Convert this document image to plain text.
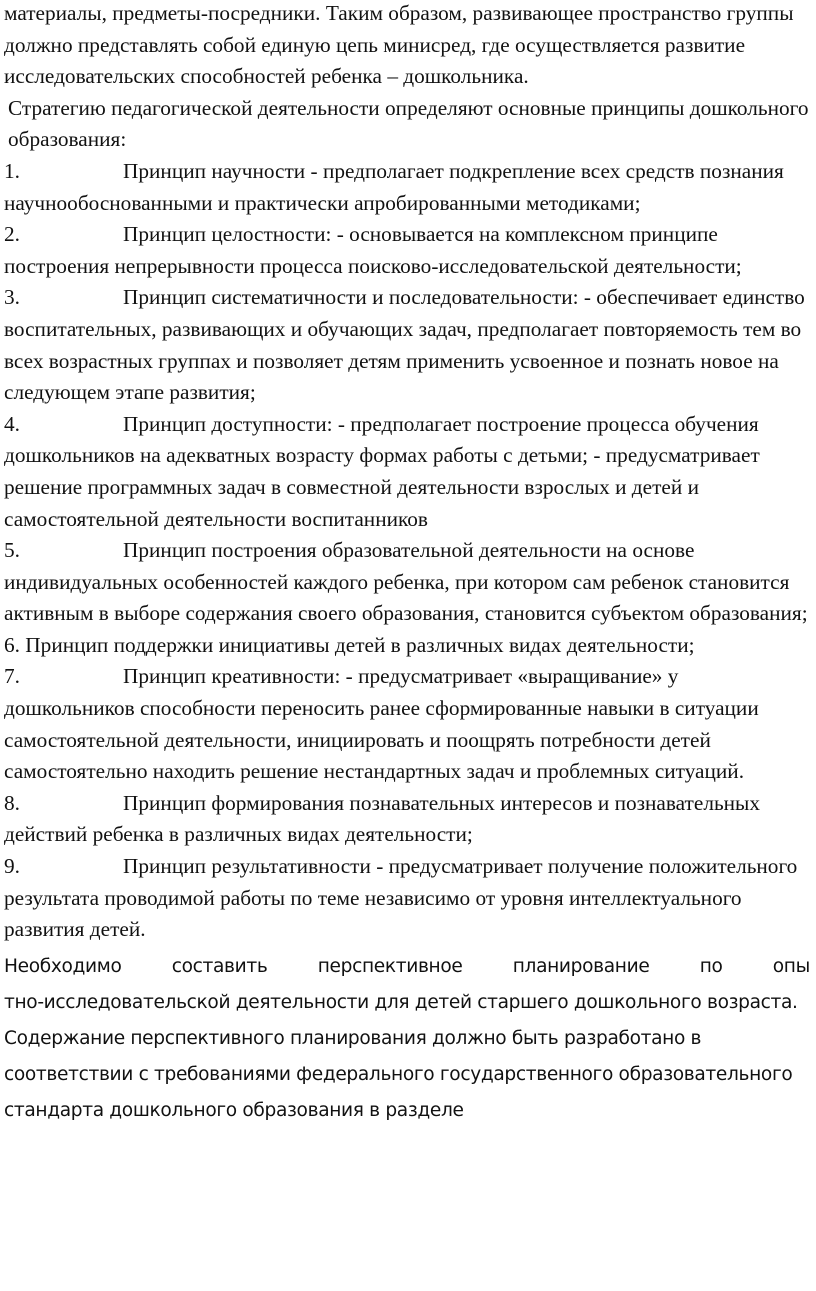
материалы, предметы-посредники. Таким образом, развивающее пространство группы должно представлять собой единую цепь минисред, где осуществляется развитие исследовательских способностей ребенка – дошкольника.

Стратегию педагогической деятельности определяют основные принципы дошкольного образования:

1.	Принцип научности - предполагает подкрепление всех средств познания научнообоснованными и практически апробированными методиками;

2.	Принцип целостности: - основывается на комплексном принципе построения непрерывности процесса поисково-исследовательской деятельности;

3.	Принцип систематичности и последовательности: - обеспечивает единство воспитательных, развивающих и обучающих задач, предполагает повторяемость тем во всех возрастных группах и позволяет детям применить усвоенное и познать новое на следующем этапе развития;

4.	Принцип доступности: - предполагает построение процесса обучения дошкольников на адекватных возрасту формах работы с детьми; - предусматривает решение программных задач в совместной деятельности взрослых и детей и самостоятельной деятельности воспитанников

5.	Принцип построения образовательной деятельности на основе индивидуальных особенностей каждого ребенка, при котором сам ребенок становится активным в выборе содержания своего образования, становится субъектом образования; 6. Принцип поддержки инициативы детей в различных видах деятельности;

7.	Принцип креативности: - предусматривает «выращивание» у дошкольников способности переносить ранее сформированные навыки в ситуации самостоятельной деятельности, инициировать и поощрять потребности детей самостоятельно находить решение нестандартных задач и проблемных ситуаций.

8.	Принцип формирования познавательных интересов и познавательных действий ребенка в различных видах деятельности;

9.	Принцип результативности - предусматривает получение положительного результата проводимой работы по теме независимо от уровня интеллектуального развития детей.

Необходимо	составить	перспективное	планирование	по	опы

тно-исследовательской деятельности для детей старшего дошкольного возраста. Содержание перспективного планирования должно быть разработано в соответствии с требованиями федерального государственного образовательного стандарта дошкольного образования в разделе
